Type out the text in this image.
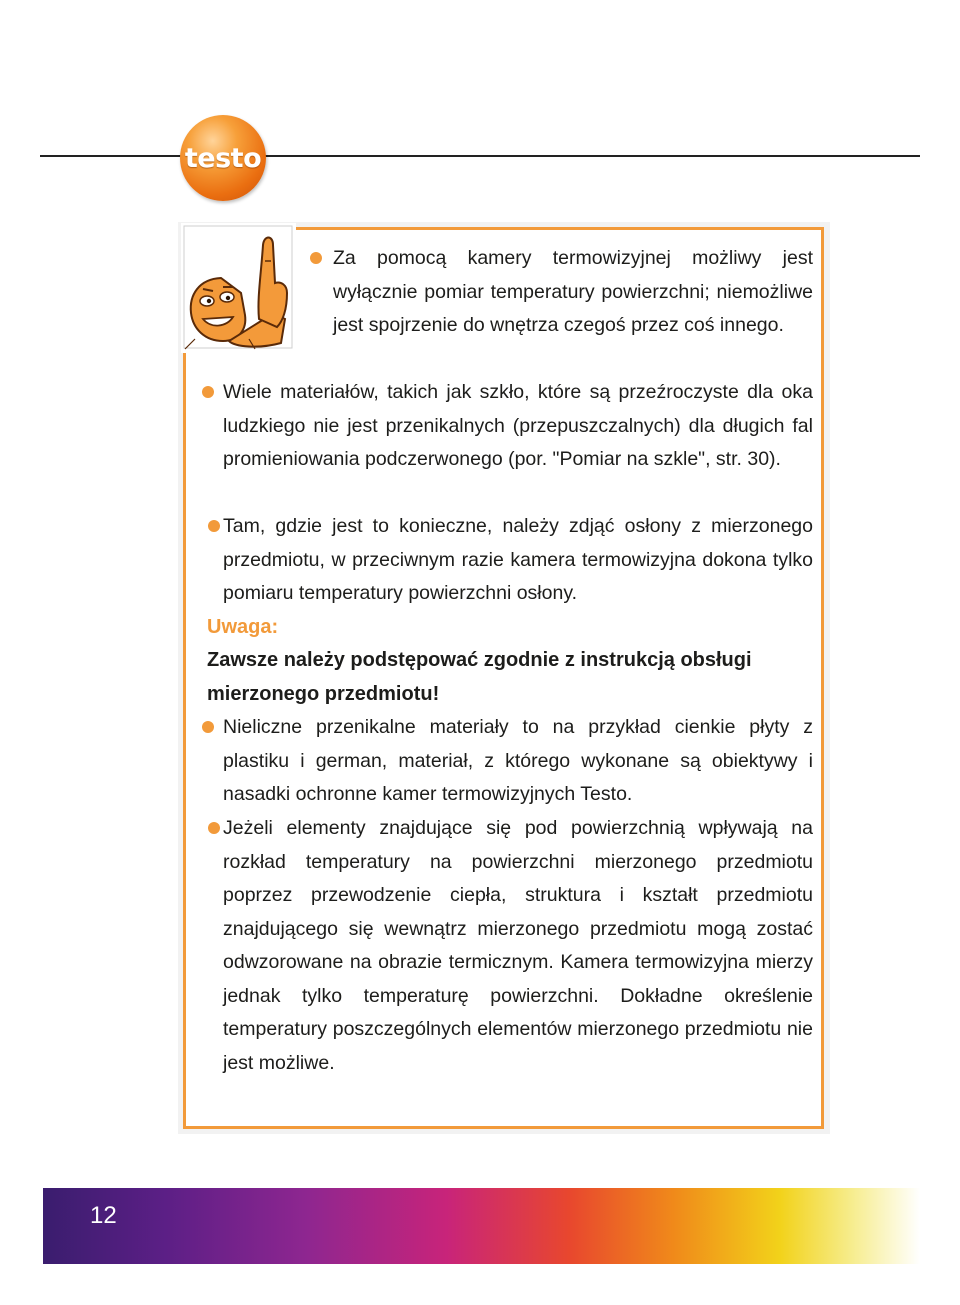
testo

Za pomocą kamery termowizyjnej możliwy jest wyłącznie pomiar temperatury powierzchni; niemożliwe jest spojrzenie do wnętrza czegoś przez coś innego.

Wiele materiałów, takich jak szkło, które są przeźroczyste dla oka ludzkiego nie jest przenikalnych (przepuszczalnych) dla długich fal promieniowania podczerwonego (por. "Pomiar na szkle", str. 30).

Tam, gdzie jest to konieczne, należy zdjąć osłony z mierzonego przedmiotu, w przeciwnym razie kamera termowizyjna dokona tylko pomiaru temperatury powierzchni osłony.

Uwaga:

Zawsze należy podstępować zgodnie z instrukcją obsługi mierzonego przedmiotu!

Nieliczne przenikalne materiały to na przykład cienkie płyty z plastiku i german, materiał, z którego wykonane są obiektywy i nasadki ochronne kamer termowizyjnych Testo.

Jeżeli elementy znajdujące się pod powierzchnią wpływają na rozkład temperatury na powierzchni mierzonego przedmiotu poprzez przewodzenie ciepła, struktura i kształt przedmiotu znajdującego się wewnątrz mierzonego przedmiotu mogą zostać odwzorowane na obrazie termicznym. Kamera termowizyjna mierzy jednak tylko temperaturę powierzchni. Dokładne określenie temperatury poszczególnych elementów mierzonego przedmiotu nie jest możliwe.

12
